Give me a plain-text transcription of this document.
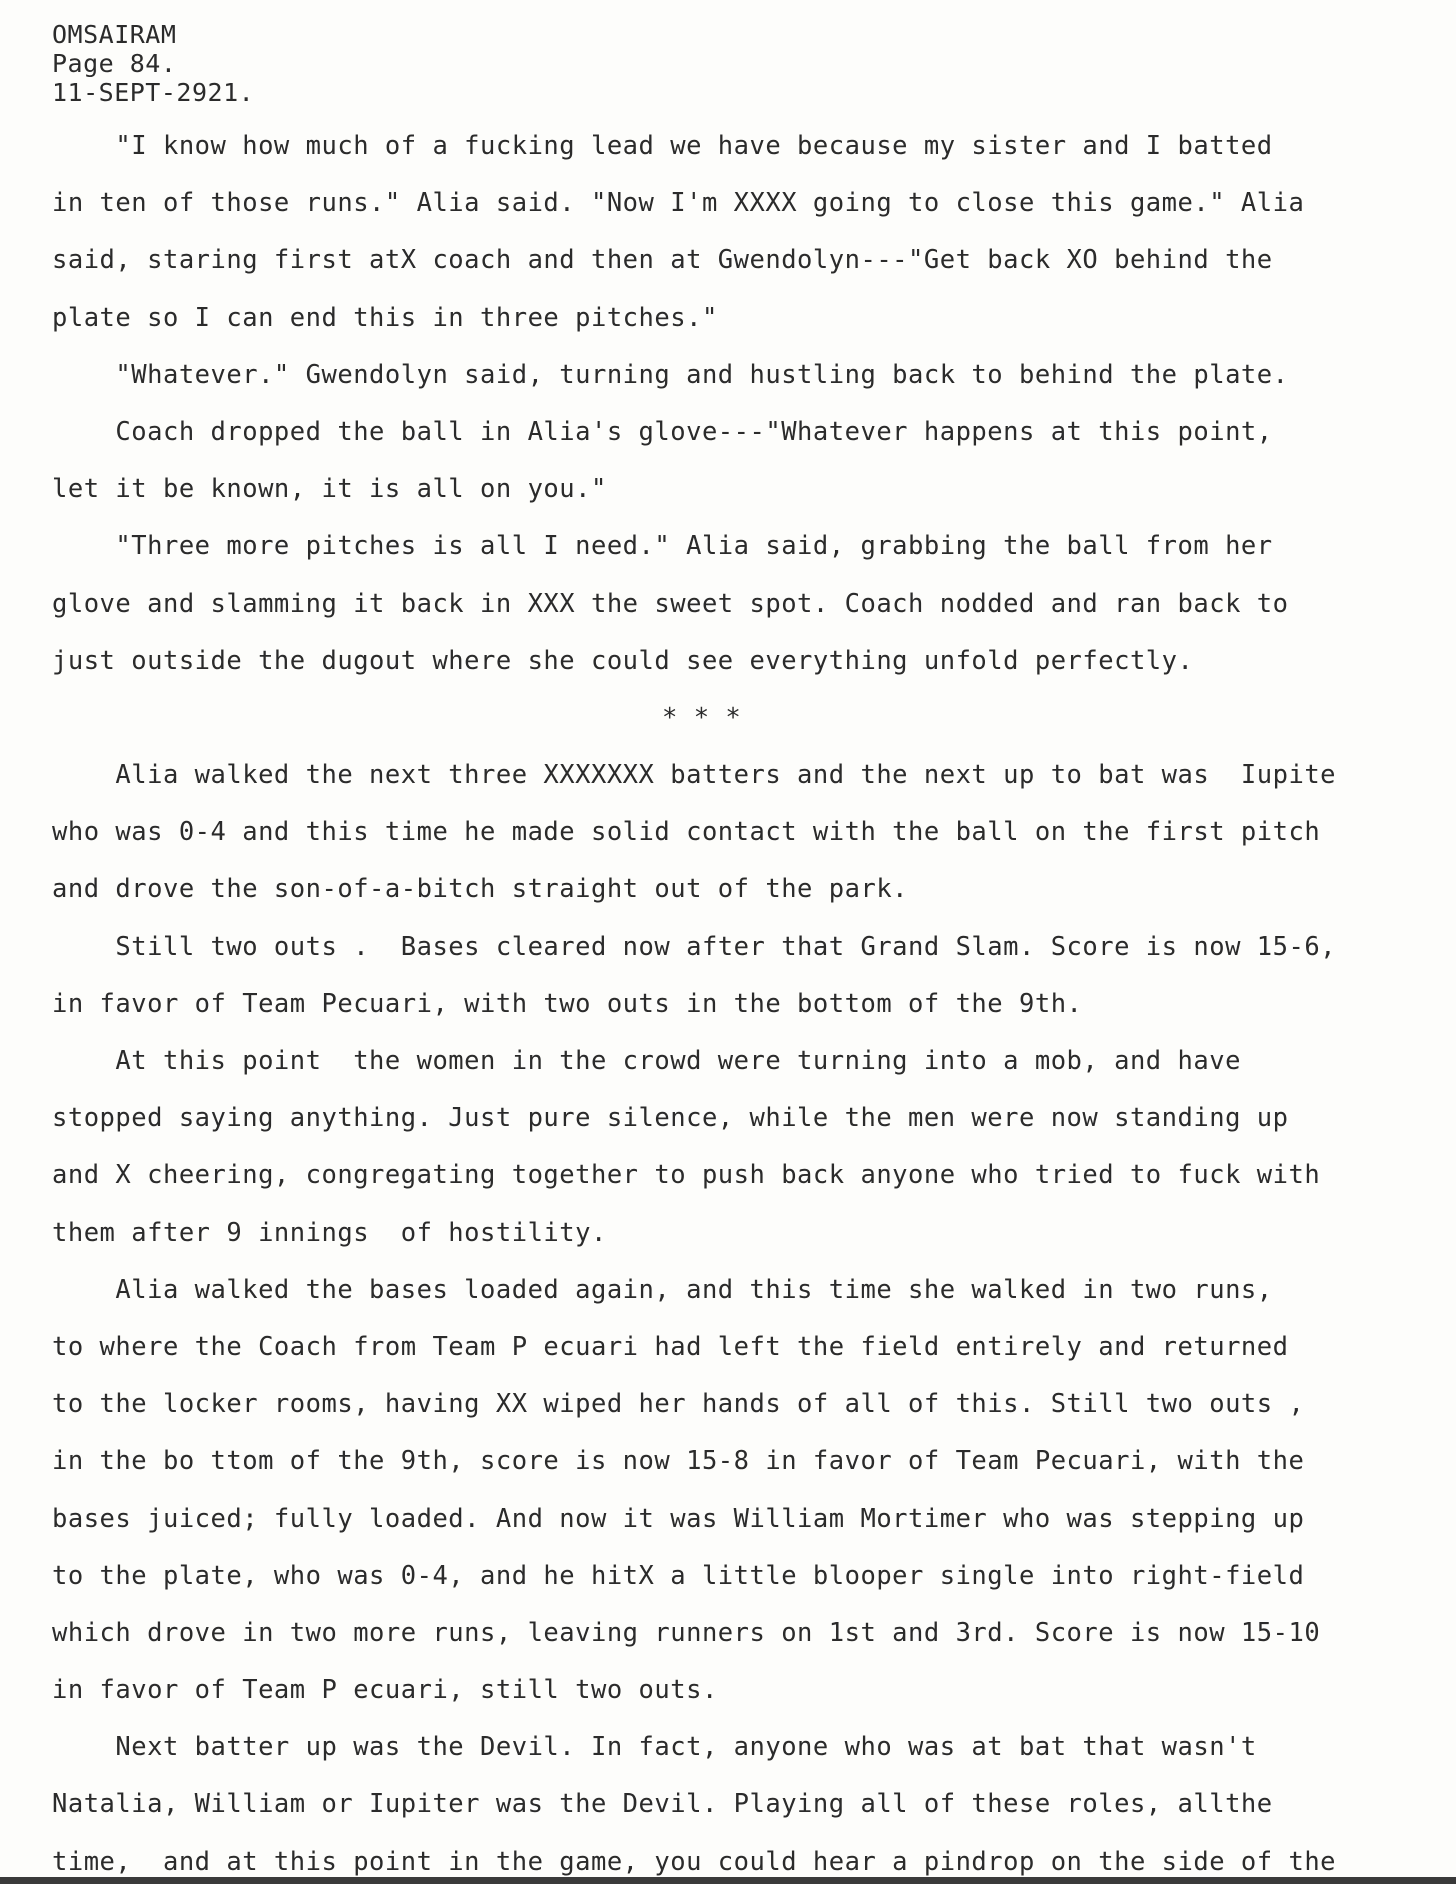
OMSAIRAM
Page 84.
11-SEPT-2921.
"I know how much of a fucking lead we have because my sister and I batted
in ten of those runs." Alia said. "Now I'm XXXX going to close this game." Alia
said, staring first atX coach and then at Gwendolyn---"Get back XO behind the
plate so I can end this in three pitches."
"Whatever." Gwendolyn said, turning and hustling back to behind the plate.
Coach dropped the ball in Alia's glove---"Whatever happens at this point,
let it be known, it is all on you."
"Three more pitches is all I need." Alia said, grabbing the ball from her
glove and slamming it back in XXX the sweet spot. Coach nodded and ran back to
just outside the dugout where she could see everything unfold perfectly.
* * *
Alia walked the next three XXXXXXX batters and the next up to bat was  Iupite
who was 0-4 and this time he made solid contact with the ball on the first pitch
and drove the son-of-a-bitch straight out of the park.
Still two outs .  Bases cleared now after that Grand Slam. Score is now 15-6,
in favor of Team Pecuari, with two outs in the bottom of the 9th.
At this point  the women in the crowd were turning into a mob, and have
stopped saying anything. Just pure silence, while the men were now standing up
and X cheering, congregating together to push back anyone who tried to fuck with
them after 9 innings  of hostility.
Alia walked the bases loaded again, and this time she walked in two runs,
to where the Coach from Team P ecuari had left the field entirely and returned
to the locker rooms, having XX wiped her hands of all of this. Still two outs ,
in the bo ttom of the 9th, score is now 15-8 in favor of Team Pecuari, with the
bases juiced; fully loaded. And now it was William Mortimer who was stepping up
to the plate, who was 0-4, and he hitX a little blooper single into right-field
which drove in two more runs, leaving runners on 1st and 3rd. Score is now 15-10
in favor of Team P ecuari, still two outs.
Next batter up was the Devil. In fact, anyone who was at bat that wasn't
Natalia, William or Iupiter was the Devil. Playing all of these roles, allthe
time,  and at this point in the game, you could hear a pindrop on the side of the
